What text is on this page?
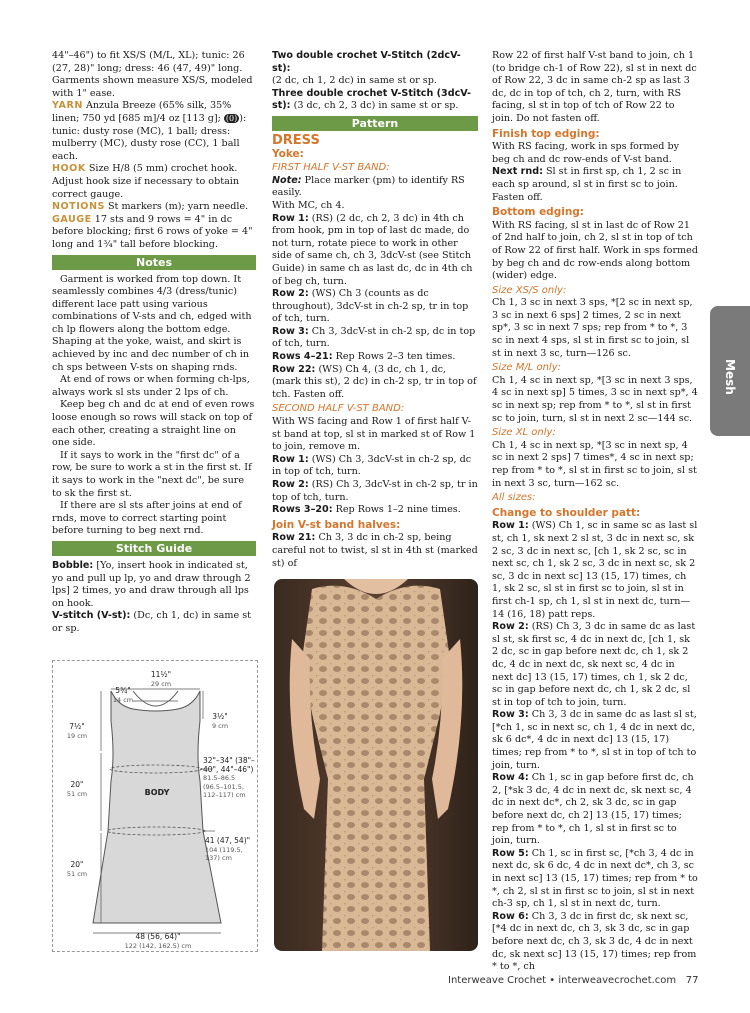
44"–46") to fit XS/S (M/L, XL); tunic: 26 (27, 28)" long; dress: 46 (47, 49)" long. Garments shown measure XS/S, modeled with 1" ease.

YARN Anzula Breeze (65% silk, 35% linen; 750 yd [685 m]/4 oz [113 g]; (0) ): tunic: dusty rose (MC), 1 ball; dress: mulberry (MC), dusty rose (CC), 1 ball each.

HOOK Size H/8 (5 mm) crochet hook. Adjust hook size if necessary to obtain correct gauge.

NOTIONS St markers (m); yarn needle.

GAUGE 17 sts and 9 rows = 4" in dc before blocking; first 6 rows of yoke = 4" long and 1¾" tall before blocking.

Notes

Garment is worked from top down. It seamlessly combines 4/3 (dress/tunic) different lace patt using various combinations of V-sts and ch, edged with ch lp flowers along the bottom edge. Shaping at the yoke, waist, and skirt is achieved by inc and dec number of ch in ch sps between V-sts on shaping rnds.

At end of rows or when forming ch-lps, always work sl sts under 2 lps of ch.

Keep beg ch and dc at end of even rows loose enough so rows will stack on top of each other, creating a straight line on one side.

If it says to work in the "first dc" of a row, be sure to work a st in the first st. If it says to work in the "next dc", be sure to sk the first st.

If there are sl sts after joins at end of rnds, move to correct starting point before turning to beg next rnd.

Stitch Guide

Bobble: [Yo, insert hook in indicated st, yo and pull up lp, yo and draw through 2 lps] 2 times, yo and draw through all lps on hook.

V-stitch (V-st): (Dc, ch 1, dc) in same st or sp.

11½"
29 cm
5¾"
14 cm
3½"
9 cm
7½"
19 cm
32"–34" (38"–40", 44"–46")
81.5–86.5 (96.5–101.5, 112–117) cm
BODY
20"
51 cm
41 (47, 54)"
104 (119.5, 137) cm
20"
51 cm
48 (56, 64)"
122 (142, 162.5) cm

Two double crochet V-Stitch (2dcV-st):
(2 dc, ch 1, 2 dc) in same st or sp.

Three double crochet V-Stitch (3dcV-st): (3 dc, ch 2, 3 dc) in same st or sp.

Pattern
DRESS
Yoke:
FIRST HALF V-ST BAND:

Note: Place marker (pm) to identify RS easily.

With MC, ch 4.

Row 1: (RS) (2 dc, ch 2, 3 dc) in 4th ch from hook, pm in top of last dc made, do not turn, rotate piece to work in other side of same ch, ch 3, 3dcV-st (see Stitch Guide) in same ch as last dc, dc in 4th ch of beg ch, turn.

Row 2: (WS) Ch 3 (counts as dc throughout), 3dcV-st in ch-2 sp, tr in top of tch, turn.

Row 3: Ch 3, 3dcV-st in ch-2 sp, dc in top of tch, turn.

Rows 4–21: Rep Rows 2–3 ten times.

Row 22: (WS) Ch 4, (3 dc, ch 1, dc, (mark this st), 2 dc) in ch-2 sp, tr in top of tch. Fasten off.

SECOND HALF V-ST BAND:

With WS facing and Row 1 of first half V-st band at top, sl st in marked st of Row 1 to join, remove m.

Row 1: (WS) Ch 3, 3dcV-st in ch-2 sp, dc in top of tch, turn.

Row 2: (RS) Ch 3, 3dcV-st in ch-2 sp, tr in top of tch, turn.

Rows 3–20: Rep Rows 1–2 nine times.

Join V-st band halves:

Row 21: Ch 3, 3 dc in ch-2 sp, being careful not to twist, sl st in 4th st (marked st) of

Row 22 of first half V-st band to join, ch 1 (to bridge ch-1 of Row 22), sl st in next dc of Row 22, 3 dc in same ch-2 sp as last 3 dc, dc in top of tch, ch 2, turn, with RS facing, sl st in top of tch of Row 22 to join. Do not fasten off.

Finish top edging:

With RS facing, work in sps formed by beg ch and dc row-ends of V-st band.

Next rnd: Sl st in first sp, ch 1, 2 sc in each sp around, sl st in first sc to join. Fasten off.

Bottom edging:

With RS facing, sl st in last dc of Row 21 of 2nd half to join, ch 2, sl st in top of tch of Row 22 of first half. Work in sps formed by beg ch and dc row-ends along bottom (wider) edge.

Size XS/S only:

Ch 1, 3 sc in next 3 sps, *[2 sc in next sp, 3 sc in next 6 sps] 2 times, 2 sc in next sp*, 3 sc in next 7 sps; rep from * to *, 3 sc in next 4 sps, sl st in first sc to join, sl st in next 3 sc, turn—126 sc.

Size M/L only:

Ch 1, 4 sc in next sp, *[3 sc in next 3 sps, 4 sc in next sp] 5 times, 3 sc in next sp*, 4 sc in next sp; rep from * to *, sl st in first sc to join, turn, sl st in next 2 sc—144 sc.

Size XL only:

Ch 1, 4 sc in next sp, *[3 sc in next sp, 4 sc in next 2 sps] 7 times*, 4 sc in next sp; rep from * to *, sl st in first sc to join, sl st in next 3 sc, turn—162 sc.

All sizes:
Change to shoulder patt:

Row 1: (WS) Ch 1, sc in same sc as last sl st, ch 1, sk next 2 sl st, 3 dc in next sc, sk 2 sc, 3 dc in next sc, [ch 1, sk 2 sc, sc in next sc, ch 1, sk 2 sc, 3 dc in next sc, sk 2 sc, 3 dc in next sc] 13 (15, 17) times, ch 1, sk 2 sc, sl st in first sc to join, sl st in first ch-1 sp, ch 1, sl st in next dc, turn—14 (16, 18) patt reps.

Row 2: (RS) Ch 3, 3 dc in same dc as last sl st, sk first sc, 4 dc in next dc, [ch 1, sk 2 dc, sc in gap before next dc, ch 1, sk 2 dc, 4 dc in next dc, sk next sc, 4 dc in next dc] 13 (15, 17) times, ch 1, sk 2 dc, sc in gap before next dc, ch 1, sk 2 dc, sl st in top of tch to join, turn.

Row 3: Ch 3, 3 dc in same dc as last sl st, [*ch 1, sc in next sc, ch 1, 4 dc in next dc, sk 6 dc*, 4 dc in next dc] 13 (15, 17) times; rep from * to *, sl st in top of tch to join, turn.

Row 4: Ch 1, sc in gap before first dc, ch 2, [*sk 3 dc, 4 dc in next dc, sk next sc, 4 dc in next dc*, ch 2, sk 3 dc, sc in gap before next dc, ch 2] 13 (15, 17) times; rep from * to *, ch 1, sl st in first sc to join, turn.

Row 5: Ch 1, sc in first sc, [*ch 3, 4 dc in next dc, sk 6 dc, 4 dc in next dc*, ch 3, sc in next sc] 13 (15, 17) times; rep from * to *, ch 2, sl st in first sc to join, sl st in next ch-3 sp, ch 1, sl st in next dc, turn.

Row 6: Ch 3, 3 dc in first dc, sk next sc, [*4 dc in next dc, ch 3, sk 3 dc, sc in gap before next dc, ch 3, sk 3 dc, 4 dc in next dc, sk next sc] 13 (15, 17) times; rep from * to *, ch

Mesh
Interweave Crochet • interweavecrochet.com 77
